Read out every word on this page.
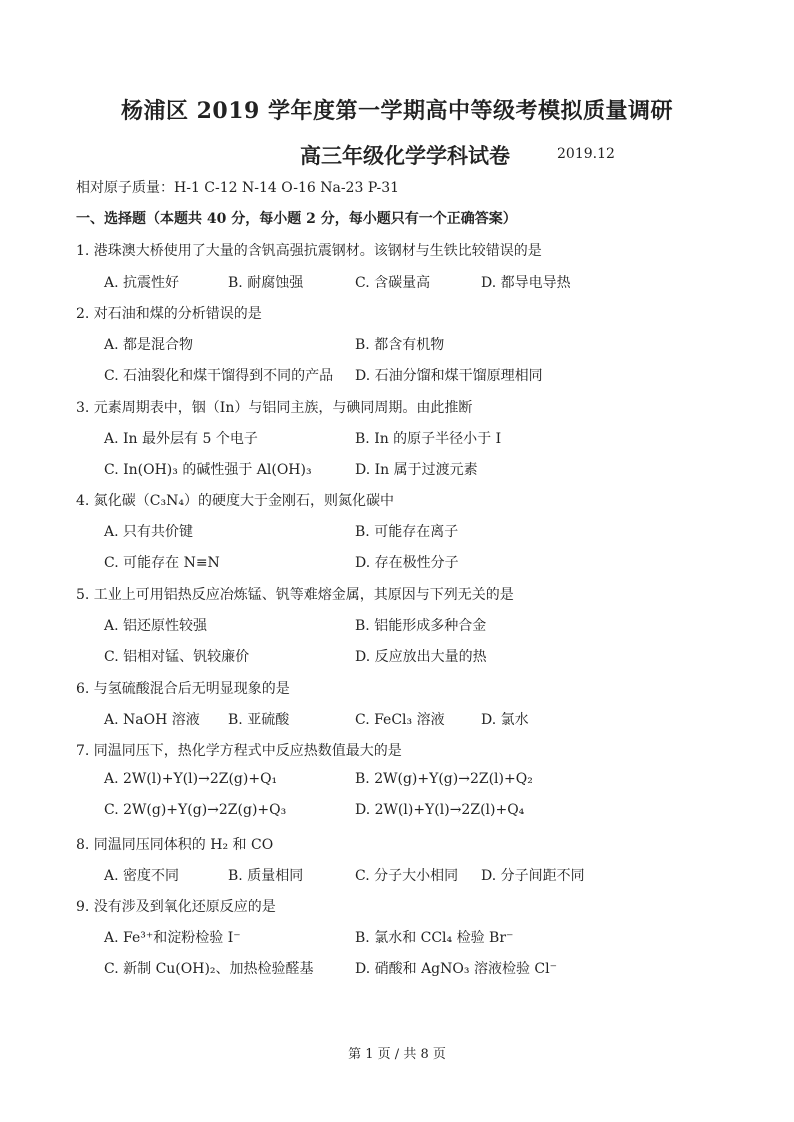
杨浦区 2019 学年度第一学期高中等级考模拟质量调研
高三年级化学学科试卷	2019.12
相对原子质量：H-1 C-12 N-14 O-16 Na-23 P-31
一、选择题（本题共 40 分，每小题 2 分，每小题只有一个正确答案）
1. 港珠澳大桥使用了大量的含钒高强抗震钢材。该钢材与生铁比较错误的是
A. 抗震性好	B. 耐腐蚀强	C. 含碳量高	D. 都导电导热
2. 对石油和煤的分析错误的是
A. 都是混合物	B. 都含有机物
C. 石油裂化和煤干馏得到不同的产品 D. 石油分馏和煤干馏原理相同
3. 元素周期表中，铟（In）与铝同主族，与碘同周期。由此推断
A. In 最外层有 5 个电子	B. In 的原子半径小于 I
C. In(OH)₃ 的碱性强于 Al(OH)₃	D. In 属于过渡元素
4. 氮化碳（C₃N₄）的硬度大于金刚石，则氮化碳中
A. 只有共价键	B. 可能存在离子
C. 可能存在 N≡N	D. 存在极性分子
5. 工业上可用铝热反应冶炼锰、钒等难熔金属，其原因与下列无关的是
A. 铝还原性较强	B. 铝能形成多种合金
C. 铝相对锰、钒较廉价	D. 反应放出大量的热
6. 与氢硫酸混合后无明显现象的是
A. NaOH 溶液 B. 亚硫酸	C. FeCl₃ 溶液	D. 氯水
7. 同温同压下，热化学方程式中反应热数值最大的是
A. 2W(l)+Y(l)→2Z(g)+Q₁	B. 2W(g)+Y(g)→2Z(l)+Q₂
C. 2W(g)+Y(g)→2Z(g)+Q₃	D. 2W(l)+Y(l)→2Z(l)+Q₄
8. 同温同压同体积的 H₂ 和 CO
A. 密度不同	B. 质量相同	C. 分子大小相同 D. 分子间距不同
9. 没有涉及到氧化还原反应的是
A. Fe³⁺和淀粉检验 I⁻	B. 氯水和 CCl₄ 检验 Br⁻
C. 新制 Cu(OH)₂、加热检验醛基	D. 硝酸和 AgNO₃ 溶液检验 Cl⁻
第 1 页 / 共 8 页
